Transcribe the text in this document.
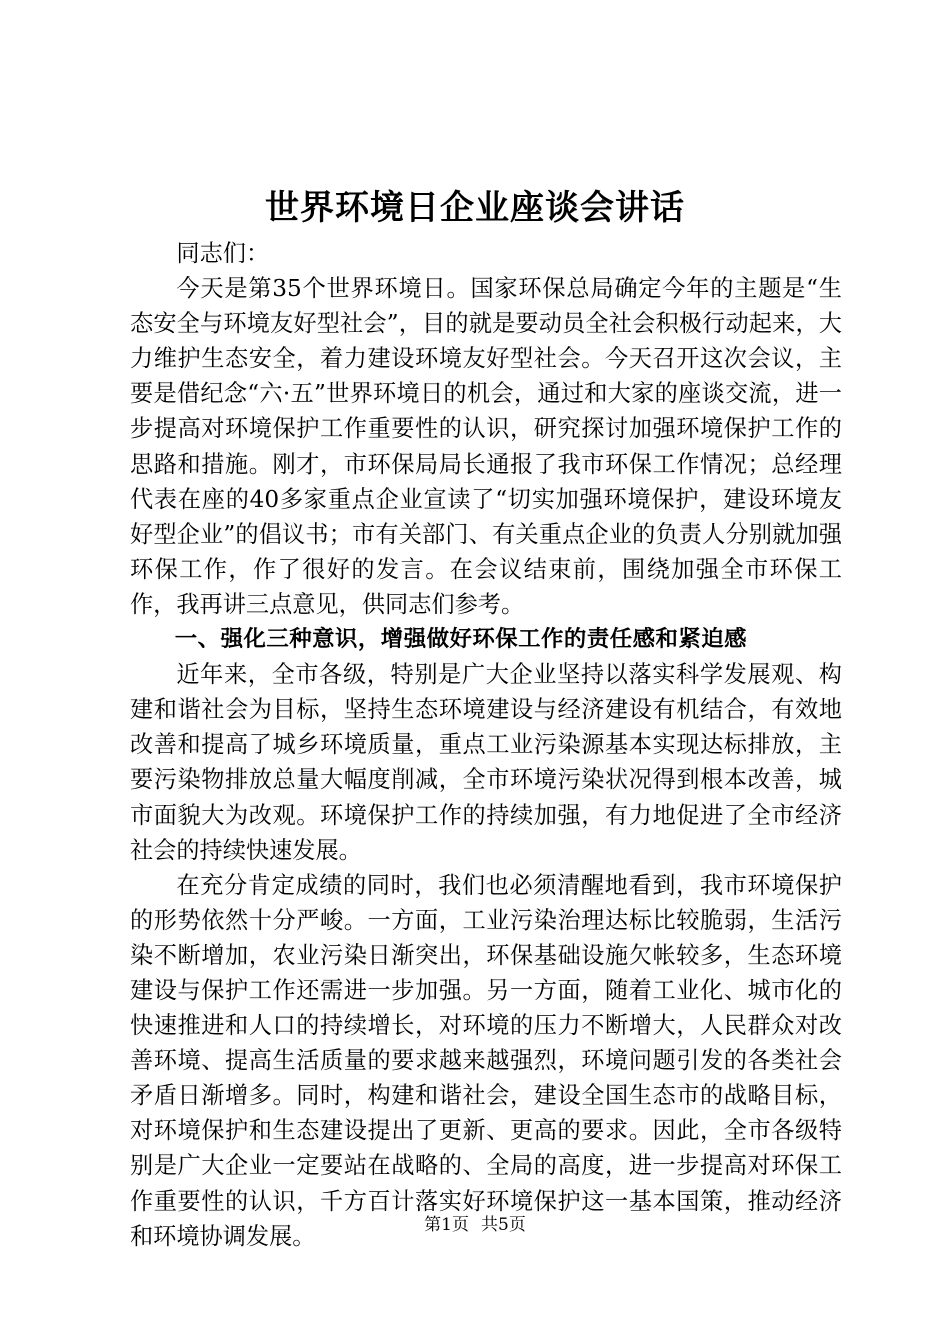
世界环境日企业座谈会讲话

同志们：

今天是第35个世界环境日。国家环保总局确定今年的主题是“生态安全与环境友好型社会”，目的就是要动员全社会积极行动起来，大力维护生态安全，着力建设环境友好型社会。今天召开这次会议，主要是借纪念“六·五”世界环境日的机会，通过和大家的座谈交流，进一步提高对环境保护工作重要性的认识，研究探讨加强环境保护工作的思路和措施。刚才，市环保局局长通报了我市环保工作情况；总经理代表在座的40多家重点企业宣读了“切实加强环境保护，建设环境友好型企业”的倡议书；市有关部门、有关重点企业的负责人分别就加强环保工作，作了很好的发言。在会议结束前，围绕加强全市环保工作，我再讲三点意见，供同志们参考。

一、强化三种意识，增强做好环保工作的责任感和紧迫感

近年来，全市各级，特别是广大企业坚持以落实科学发展观、构建和谐社会为目标，坚持生态环境建设与经济建设有机结合，有效地改善和提高了城乡环境质量，重点工业污染源基本实现达标排放，主要污染物排放总量大幅度削减，全市环境污染状况得到根本改善，城市面貌大为改观。环境保护工作的持续加强，有力地促进了全市经济社会的持续快速发展。

在充分肯定成绩的同时，我们也必须清醒地看到，我市环境保护的形势依然十分严峻。一方面，工业污染治理达标比较脆弱，生活污染不断增加，农业污染日渐突出，环保基础设施欠帐较多，生态环境建设与保护工作还需进一步加强。另一方面，随着工业化、城市化的快速推进和人口的持续增长，对环境的压力不断增大，人民群众对改善环境、提高生活质量的要求越来越强烈，环境问题引发的各类社会矛盾日渐增多。同时，构建和谐社会，建设全国生态市的战略目标，对环境保护和生态建设提出了更新、更高的要求。因此，全市各级特别是广大企业一定要站在战略的、全局的高度，进一步提高对环保工作重要性的认识，千方百计落实好环境保护这一基本国策，推动经济和环境协调发展。	第1页 共5页
